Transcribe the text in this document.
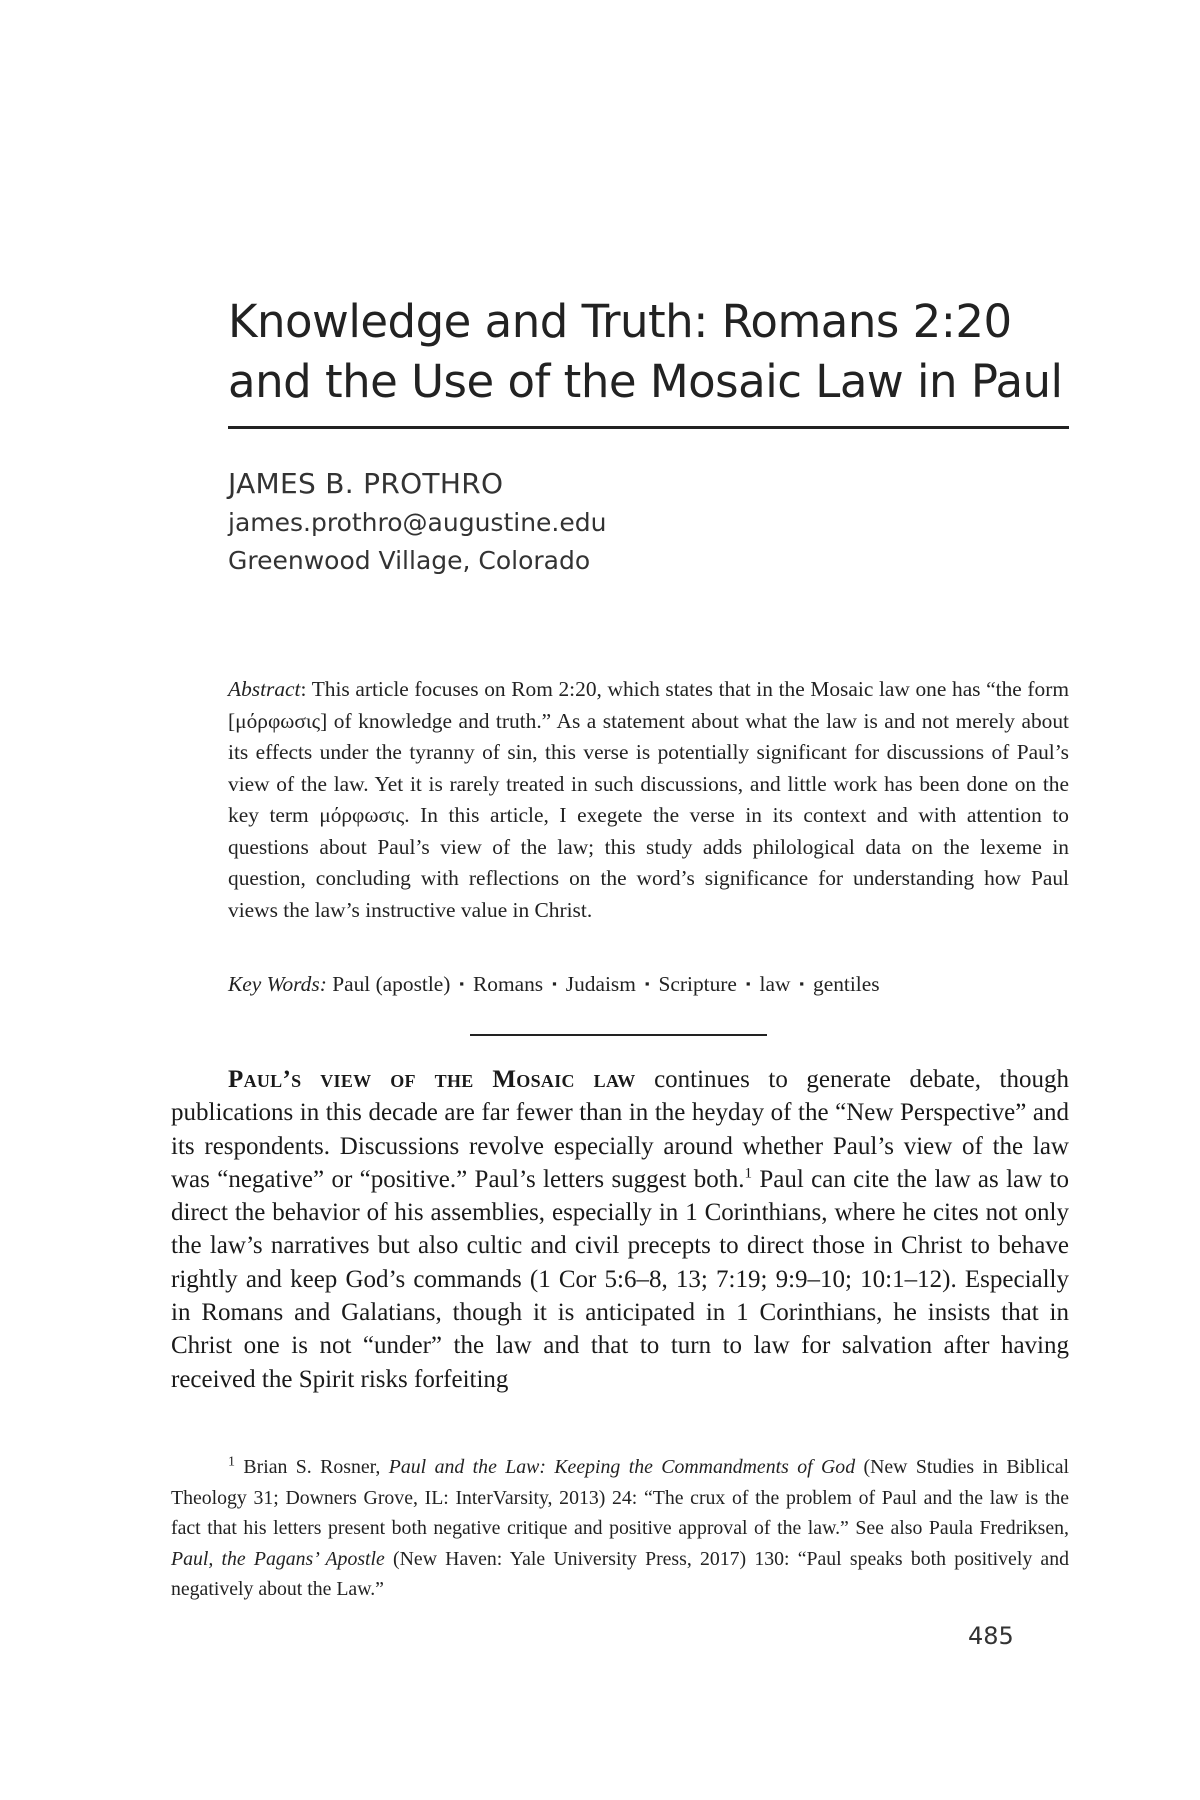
Knowledge and Truth: Romans 2:20
and the Use of the Mosaic Law in Paul
JAMES B. PROTHRO
james.prothro@augustine.edu
Greenwood Village, Colorado

Abstract: This article focuses on Rom 2:20, which states that in the Mosaic law one has “the form [μόρφωσις] of knowledge and truth.” As a statement about what the law is and not merely about its effects under the tyranny of sin, this verse is potentially significant for discussions of Paul’s view of the law. Yet it is rarely treated in such discussions, and little work has been done on the key term μόρφωσις. In this article, I exegete the verse in its context and with attention to questions about Paul’s view of the law; this study adds philological data on the lexeme in question, concluding with reflections on the word’s significance for understanding how Paul views the law’s instructive value in Christ.

Key Words: Paul (apostle) ▪ Romans ▪ Judaism ▪ Scripture ▪ law ▪ gentiles

Paul’s view of the Mosaic law continues to generate debate, though publications in this decade are far fewer than in the heyday of the “New Perspective” and its respondents. Discussions revolve especially around whether Paul’s view of the law was “negative” or “positive.” Paul’s letters suggest both.$^1$ Paul can cite the law as law to direct the behavior of his assemblies, especially in 1 Corinthians, where he cites not only the law’s narratives but also cultic and civil precepts to direct those in Christ to behave rightly and keep God’s commands (1 Cor 5:6–8, 13; 7:19; 9:9–10; 10:1–12). Especially in Romans and Galatians, though it is anticipated in 1 Corinthians, he insists that in Christ one is not “under” the law and that to turn to law for salvation after having received the Spirit risks forfeiting

$^1$ Brian S. Rosner, Paul and the Law: Keeping the Commandments of God (New Studies in Biblical Theology 31; Downers Grove, IL: InterVarsity, 2013) 24: “The crux of the problem of Paul and the law is the fact that his letters present both negative critique and positive approval of the law.” See also Paula Fredriksen, Paul, the Pagans’ Apostle (New Haven: Yale University Press, 2017) 130: “Paul speaks both positively and negatively about the Law.”

485
